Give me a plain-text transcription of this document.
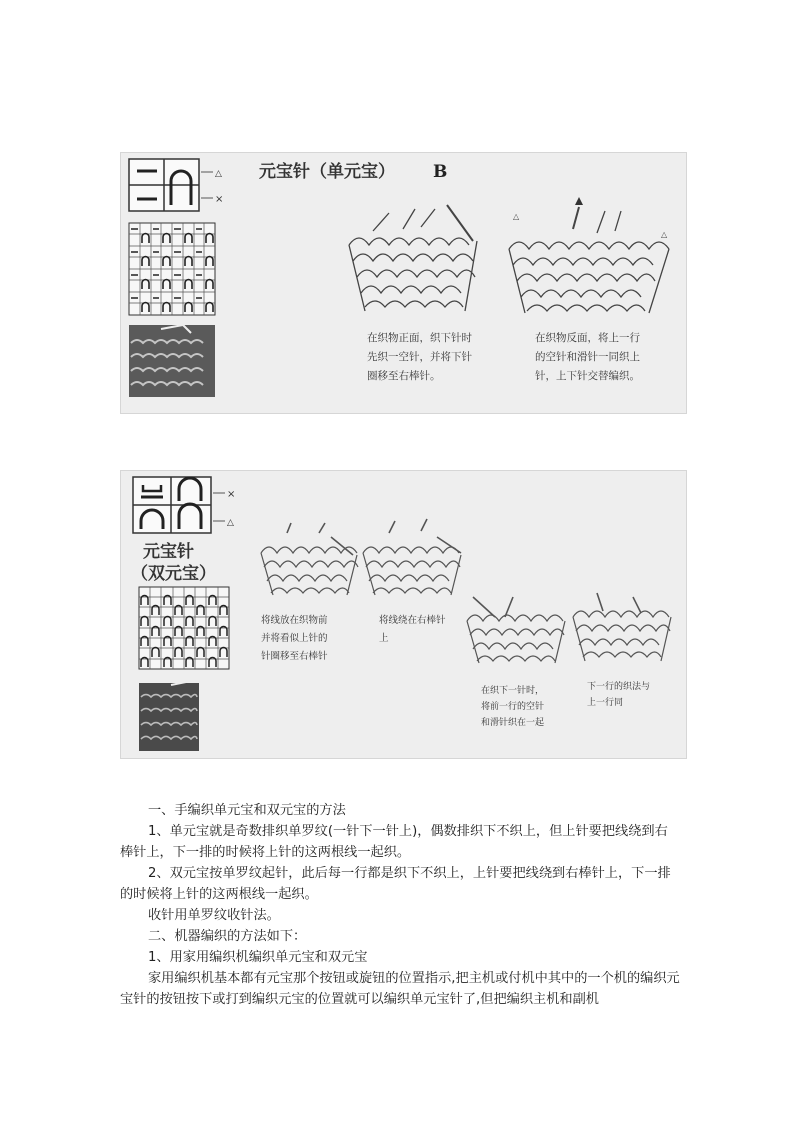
△
×
元宝针（单元宝） B
△
△
在织物正面，织下针时
先织一空针，并将下针
圈移至右棒针。
在织物反面，将上一行
的空针和滑针一同织上
针，上下针交替编织。
×
△
元宝针
（双元宝）
将线放在织物前
并将看似上针的
针圈移至右棒针
将线绕在右棒针
上
在织下一针时，
将前一行的空针
和滑针织在一起
下一行的织法与
上一行同

一、手编织单元宝和双元宝的方法

1、单元宝就是奇数排织单罗纹(一针下一针上)，偶数排织下不织上，但上针要把线绕到右棒针上，下一排的时候将上针的这两根线一起织。

2、双元宝按单罗纹起针，此后每一行都是织下不织上，上针要把线绕到右棒针上，下一排的时候将上针的这两根线一起织。

收针用单罗纹收针法。

二、机器编织的方法如下：

1、用家用编织机编织单元宝和双元宝

家用编织机基本都有元宝那个按钮或旋钮的位置指示,把主机或付机中其中的一个机的编织元宝针的按钮按下或打到编织元宝的位置就可以编织单元宝针了,但把编织主机和副机
